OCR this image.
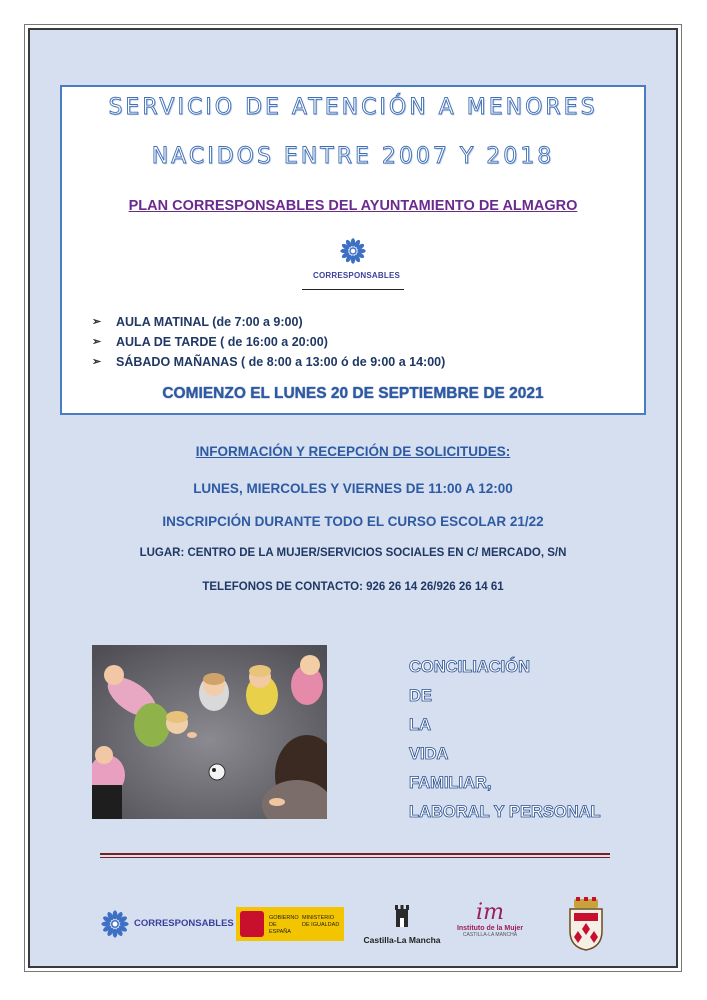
SERVICIO DE ATENCIÓN A MENORES
NACIDOS ENTRE 2007 Y 2018
PLAN CORRESPONSABLES DEL AYUNTAMIENTO DE ALMAGRO
CORRESPONSABLES
➢ AULA MATINAL (de 7:00 a 9:00)
➢ AULA DE TARDE ( de 16:00 a 20:00)
➢ SÁBADO MAÑANAS ( de 8:00 a 13:00 ó de 9:00 a 14:00)
COMIENZO EL LUNES 20 DE SEPTIEMBRE DE 2021
INFORMACIÓN Y RECEPCIÓN DE SOLICITUDES:
LUNES, MIERCOLES Y VIERNES DE 11:00 A 12:00
INSCRIPCIÓN DURANTE TODO EL CURSO ESCOLAR 21/22
LUGAR: CENTRO DE LA MUJER/SERVICIOS SOCIALES EN C/ MERCADO, S/N
TELEFONOS DE CONTACTO: 926 26 14 26/926 26 14 61
CONCILIACIÓN
DE
LA
VIDA
FAMILIAR,
LABORAL Y PERSONAL
CORRESPONSABLES	GOBIERNO DE ESPAÑA
MINISTERIO DE IGUALDAD
Castilla-La Mancha
im
Instituto de la Mujer
CASTILLA-LA MANCHA
